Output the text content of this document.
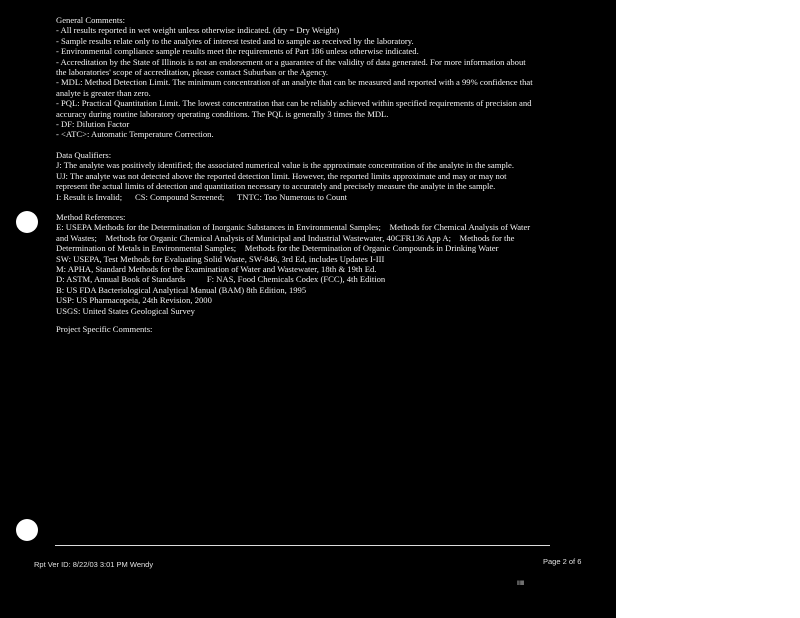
General Comments:

- All results reported in wet weight unless otherwise indicated. (dry = Dry Weight)

- Sample results relate only to the analytes of interest tested and to sample as received by the laboratory.

- Environmental compliance sample results meet the requirements of Part 186 unless otherwise indicated.

- Accreditation by the State of Illinois is not an endorsement or a guarantee of the validity of data generated. For more information about the laboratories' scope of accreditation, please contact Suburban or the Agency.

- MDL: Method Detection Limit. The minimum concentration of an analyte that can be measured and reported with a 99% confidence that analyte is greater than zero.

- PQL: Practical Quantitation Limit. The lowest concentration that can be reliably achieved within specified requirements of precision and accuracy during routine laboratory operating conditions. The PQL is generally 3 times the MDL.

- DF: Dilution Factor

- <ATC>: Automatic Temperature Correction.

Data Qualifiers:

J: The analyte was positively identified; the associated numerical value is the approximate concentration of the analyte in the sample.

UJ: The analyte was not detected above the reported detection limit. However, the reported limits approximate and may or may not represent the actual limits of detection and quantitation necessary to accurately and precisely measure the analyte in the sample.

I: Result is Invalid;      CS: Compound Screened;      TNTC: Too Numerous to Count

Method References:

E: USEPA Methods for the Determination of Inorganic Substances in Environmental Samples;    Methods for Chemical Analysis of Water and Wastes;    Methods for Organic Chemical Analysis of Municipal and Industrial Wastewater, 40CFR136 App A;    Methods for the Determination of Metals in Environmental Samples;    Methods for the Determination of Organic Compounds in Drinking Water

SW: USEPA, Test Methods for Evaluating Solid Waste, SW-846, 3rd Ed, includes Updates I-III

M: APHA, Standard Methods for the Examination of Water and Wastewater, 18th & 19th Ed.

D: ASTM, Annual Book of Standards          F: NAS, Food Chemicals Codex (FCC), 4th Edition

B: US FDA Bacteriological Analytical Manual (BAM) 8th Edition, 1995

USP: US Pharmacopeia, 24th Revision, 2000

USGS: United States Geological Survey

Project Specific Comments:

Rpt Ver ID: 8/22/03 3:01 PM Wendy	Page 2 of 6
IIIIII
